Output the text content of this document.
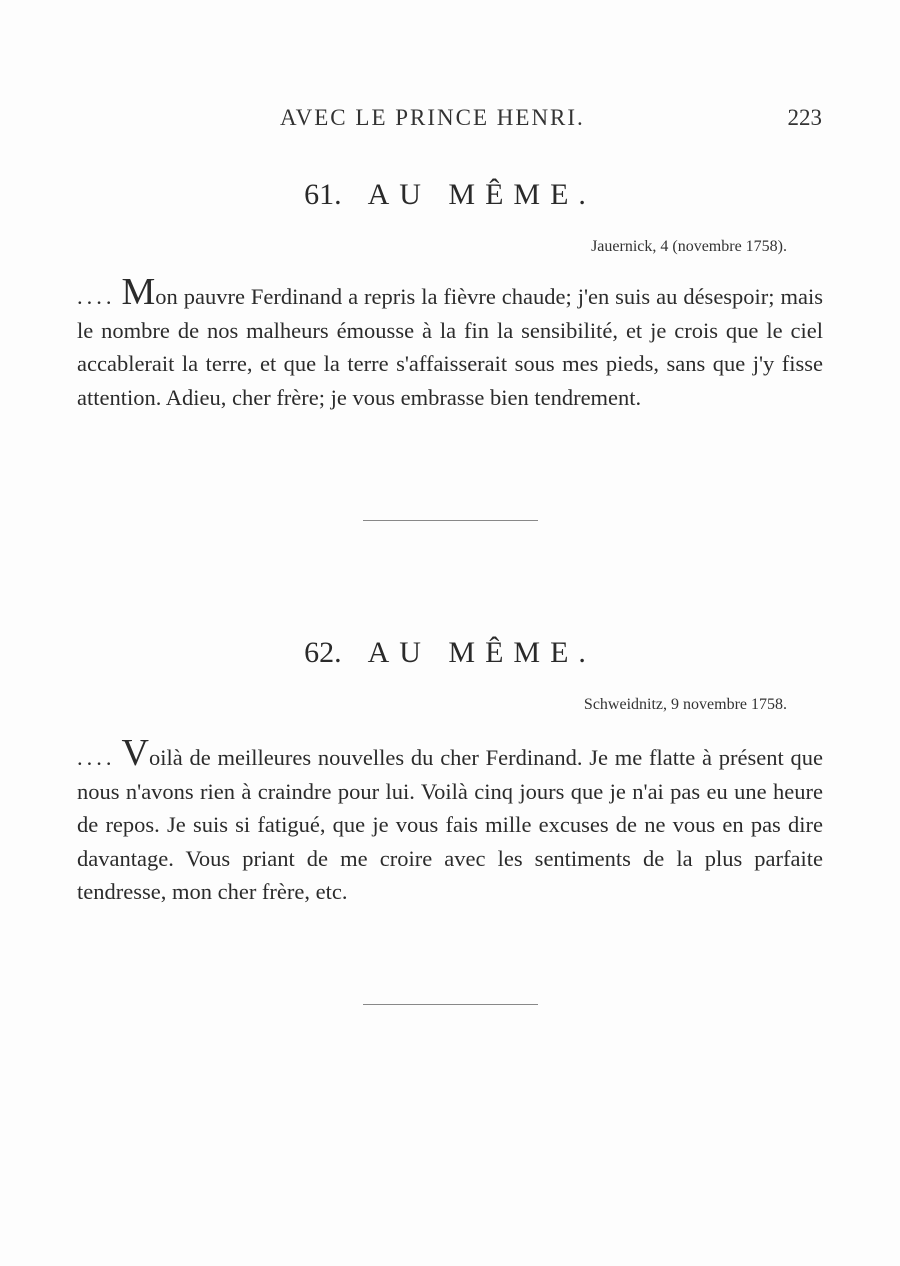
AVEC LE PRINCE HENRI.	223
61. AU MÊME.
Jauernick, 4 (novembre 1758).

.... Mon pauvre Ferdinand a repris la fièvre chaude; j'en suis au désespoir; mais le nombre de nos malheurs émousse à la fin la sensibilité, et je crois que le ciel accablerait la terre, et que la terre s'affaisserait sous mes pieds, sans que j'y fisse attention. Adieu, cher frère; je vous embrasse bien tendrement.

62. AU MÊME.
Schweidnitz, 9 novembre 1758.

.... Voilà de meilleures nouvelles du cher Ferdinand. Je me flatte à présent que nous n'avons rien à craindre pour lui. Voilà cinq jours que je n'ai pas eu une heure de repos. Je suis si fatigué, que je vous fais mille excuses de ne vous en pas dire davantage. Vous priant de me croire avec les sentiments de la plus parfaite tendresse, mon cher frère, etc.
